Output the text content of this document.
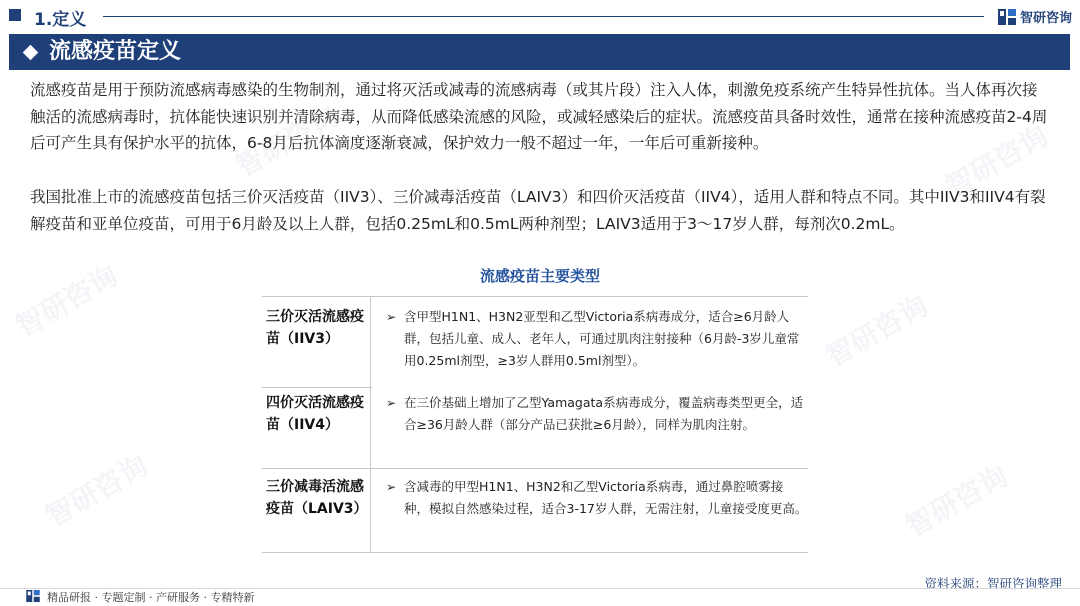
智研咨询
智研咨询
智研咨询
智研咨询
智研咨询
智研咨询
1.定义	智研咨询
流感疫苗定义
流感疫苗是用于预防流感病毒感染的生物制剂，通过将灭活或减毒的流感病毒（或其片段）注入人体，刺激免疫系统产生特异性抗体。当人体再次接触活的流感病毒时，抗体能快速识别并清除病毒，从而降低感染流感的风险，或减轻感染后的症状。流感疫苗具备时效性，通常在接种流感疫苗2-4周后可产生具有保护水平的抗体，6-8月后抗体滴度逐渐衰减，保护效力一般不超过一年，一年后可重新接种。
我国批准上市的流感疫苗包括三价灭活疫苗（IIV3）、三价减毒活疫苗（LAIV3）和四价灭活疫苗（IIV4），适用人群和特点不同。其中IIV3和IIV4有裂解疫苗和亚单位疫苗，可用于6月龄及以上人群，包括0.25mL和0.5mL两种剂型；LAIV3适用于3～17岁人群，每剂次0.2mL。
流感疫苗主要类型
三价灭活流感疫苗（IIV3）
➢ 含甲型H1N1、H3N2亚型和乙型Victoria系病毒成分，适合≥6月龄人群，包括儿童、成人、老年人，可通过肌肉注射接种（6月龄-3岁儿童常用0.25ml剂型，≥3岁人群用0.5ml剂型）。
四价灭活流感疫苗（IIV4）
➢ 在三价基础上增加了乙型Yamagata系病毒成分，覆盖病毒类型更全，适合≥36月龄人群（部分产品已获批≥6月龄），同样为肌肉注射。
三价减毒活流感疫苗（LAIV3）
➢ 含减毒的甲型H1N1、H3N2和乙型Victoria系病毒，通过鼻腔喷雾接种，模拟自然感染过程，适合3-17岁人群，无需注射，儿童接受度更高。
资料来源：智研咨询整理
精品研报 · 专题定制 · 产研服务 · 专精特新
